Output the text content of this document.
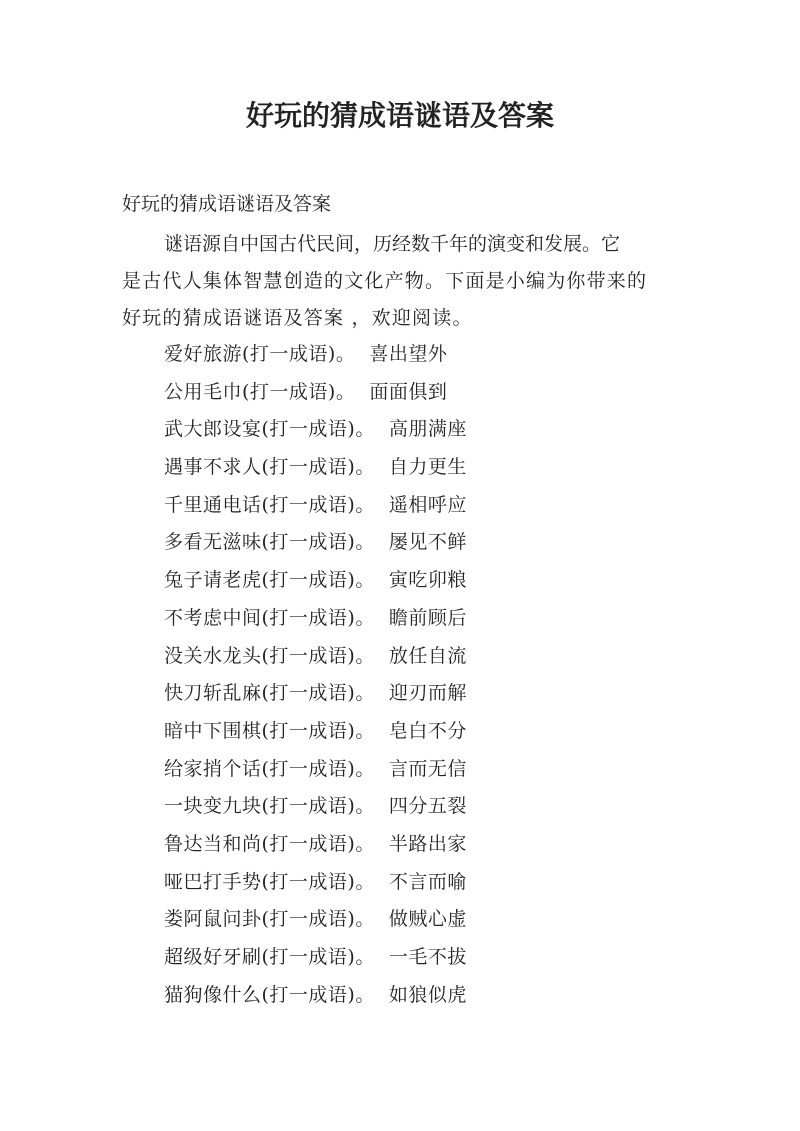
好玩的猜成语谜语及答案
好玩的猜成语谜语及答案
谜语源自中国古代民间，历经数千年的演变和发展。它
是古代人集体智慧创造的文化产物。下面是小编为你带来的
好玩的猜成语谜语及答案 ，欢迎阅读。
爱好旅游(打一成语)。 喜出望外
公用毛巾(打一成语)。 面面俱到
武大郎设宴(打一成语)。 高朋满座
遇事不求人(打一成语)。 自力更生
千里通电话(打一成语)。 遥相呼应
多看无滋味(打一成语)。 屡见不鲜
兔子请老虎(打一成语)。 寅吃卯粮
不考虑中间(打一成语)。 瞻前顾后
没关水龙头(打一成语)。 放任自流
快刀斩乱麻(打一成语)。 迎刃而解
暗中下围棋(打一成语)。 皂白不分
给家捎个话(打一成语)。 言而无信
一块变九块(打一成语)。 四分五裂
鲁达当和尚(打一成语)。 半路出家
哑巴打手势(打一成语)。 不言而喻
娄阿鼠问卦(打一成语)。 做贼心虚
超级好牙刷(打一成语)。 一毛不拔
猫狗像什么(打一成语)。 如狼似虎
